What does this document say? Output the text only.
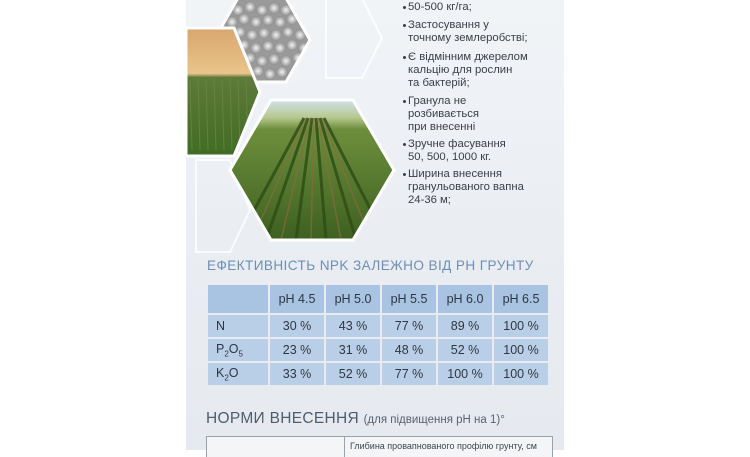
50-500 кг/га;
Застосування у
точному землеробстві;
Є відмінним джерелом
кальцію для рослин
та бактерій;
Гранула не
розбивається
при внесенні
Зручне фасування
50, 500, 1000 кг.
Ширина внесення
гранульованого вапна
24-36 м;
ЕФЕКТИВНІСТЬ NPK ЗАЛЕЖНО ВІД PH ГРУНТУ
	pH 4.5	pH 5.0	pH 5.5	pH 6.0	pH 6.5
N	30 %	43 %	77 %	89 %	100 %
$P_2O_5$	23 %	31 %	48 %	52 %	100 %
$K_2O$	33 %	52 %	77 %	100 %	100 %
НОРМИ ВНЕСЕННЯ (для підвищення pH на 1)°
Глибина провапнованого профілю грунту, см
